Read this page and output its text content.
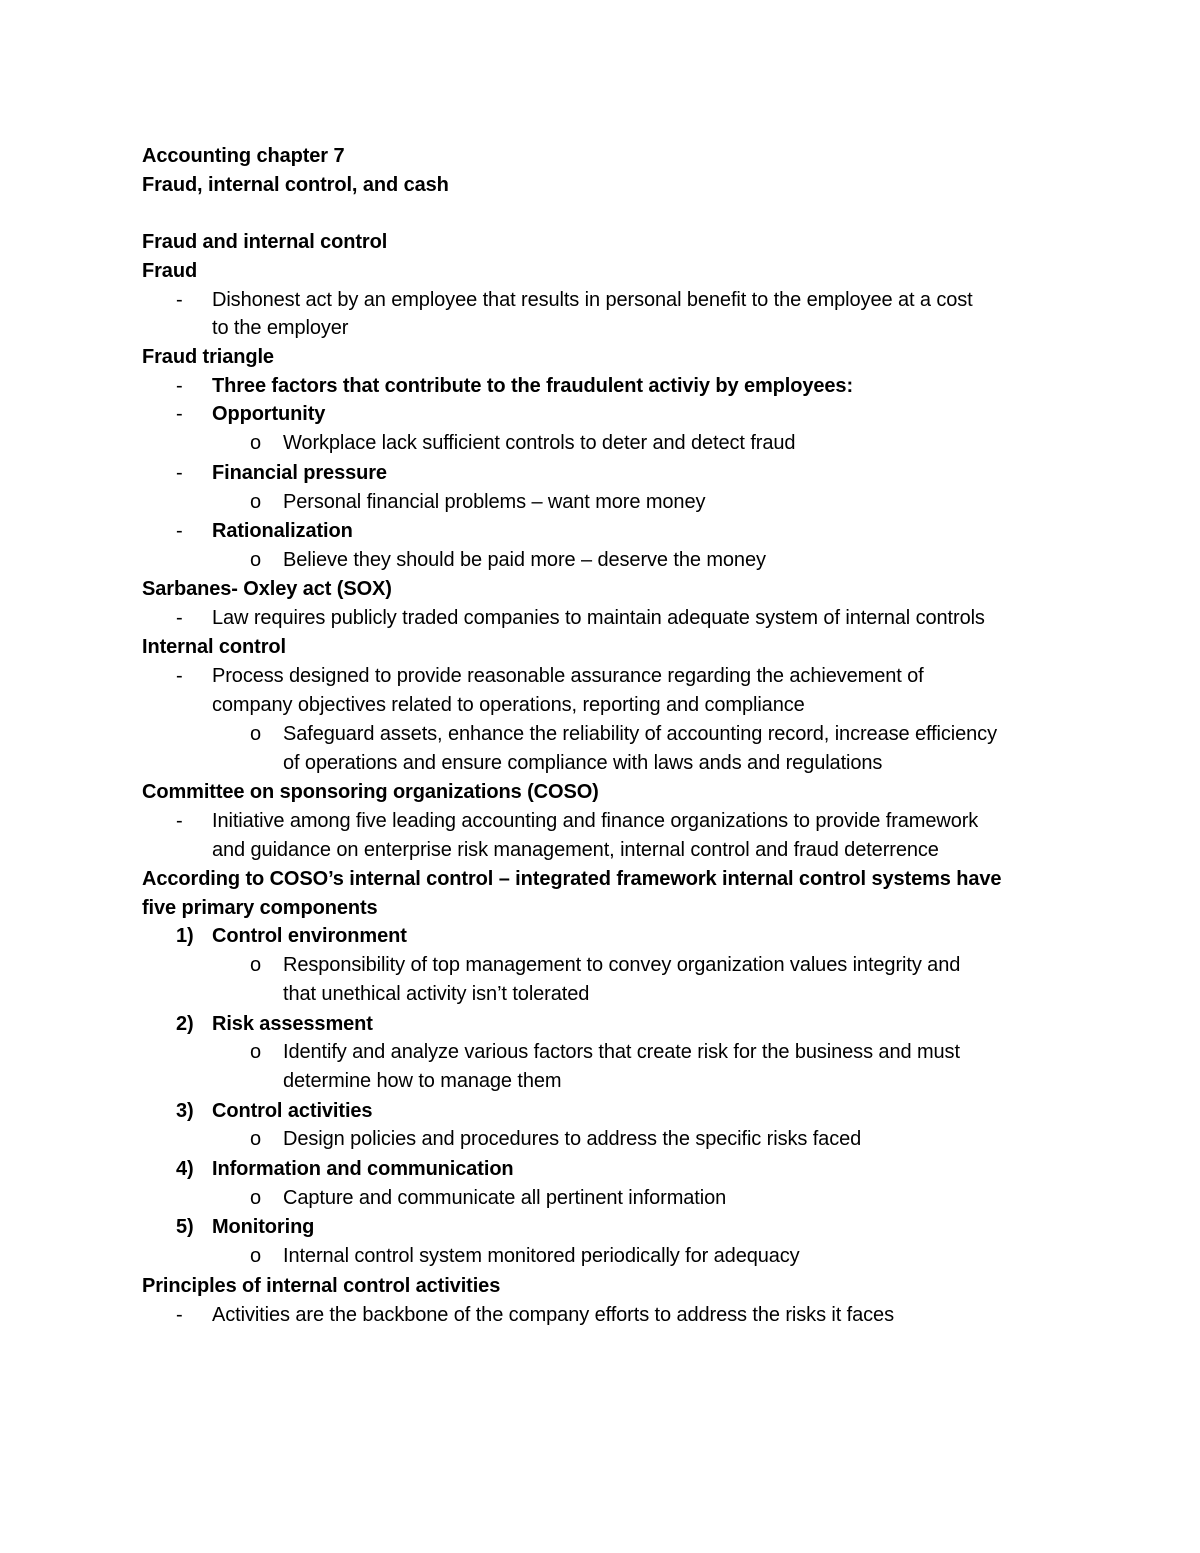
Accounting chapter 7
Fraud, internal control, and cash
Fraud and internal control
Fraud
- Dishonest act by an employee that results in personal benefit to the employee at a cost
to the employer
Fraud triangle
- Three factors that contribute to the fraudulent activiy by employees:
- Opportunity
o Workplace lack sufficient controls to deter and detect fraud
- Financial pressure
o Personal financial problems – want more money
- Rationalization
o Believe they should be paid more – deserve the money
Sarbanes- Oxley act (SOX)
- Law requires publicly traded companies to maintain adequate system of internal controls
Internal control
- Process designed to provide reasonable assurance regarding the achievement of
company objectives related to operations, reporting and compliance
o Safeguard assets, enhance the reliability of accounting record, increase efficiency
of operations and ensure compliance with laws ands and regulations
Committee on sponsoring organizations (COSO)
- Initiative among five leading accounting and finance organizations to provide framework
and guidance on enterprise risk management, internal control and fraud deterrence
According to COSO’s internal control – integrated framework internal control systems have
five primary components
1) Control environment
o Responsibility of top management to convey organization values integrity and
that unethical activity isn’t tolerated
2) Risk assessment
o Identify and analyze various factors that create risk for the business and must
determine how to manage them
3) Control activities
o Design policies and procedures to address the specific risks faced
4) Information and communication
o Capture and communicate all pertinent information
5) Monitoring
o Internal control system monitored periodically for adequacy
Principles of internal control activities
- Activities are the backbone of the company efforts to address the risks it faces
